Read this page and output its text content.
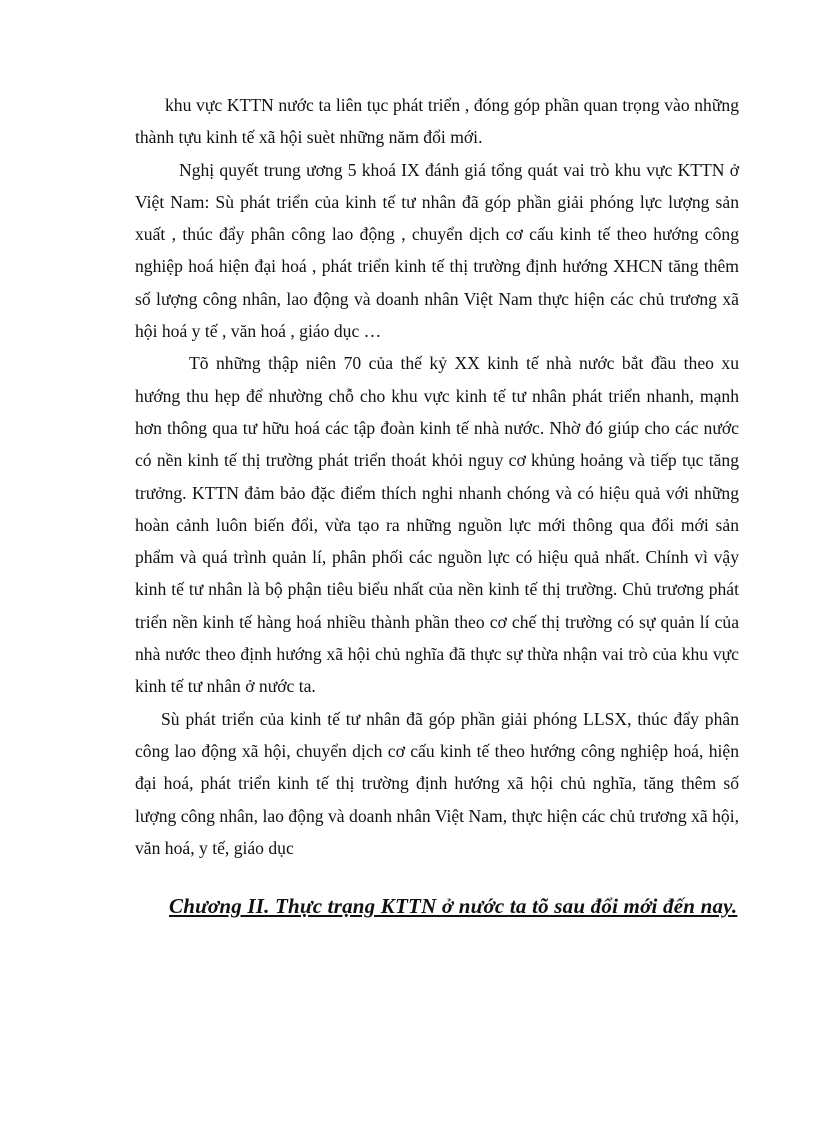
khu vực KTTN nước ta liên tục phát triển , đóng góp phần quan trọng vào những thành tựu kinh tế xã hội suèt những năm đổi mới.

Nghị quyết trung ương 5 khoá IX đánh giá tổng quát vai trò khu vực KTTN ở Việt Nam: Sù phát triển của kinh tế tư nhân đã góp phần giải phóng lực lượng sản xuất , thúc đẩy phân công lao động , chuyển dịch cơ cấu kinh tế theo hướng công nghiệp hoá hiện đại hoá , phát triển kinh tế thị trường định hướng XHCN tăng thêm số lượng công nhân, lao động và doanh nhân Việt Nam thực hiện các chủ trương xã hội hoá y tế , văn hoá , giáo dục …

Tõ những thập niên 70 của thế kỷ XX kinh tế nhà nước bắt đầu theo xu hướng thu hẹp để nhường chỗ cho khu vực kinh tế tư nhân phát triển nhanh, mạnh hơn thông qua tư hữu hoá các tập đoàn kinh tế nhà nước. Nhờ đó giúp cho các nước có nền kinh tế thị trường phát triển thoát khỏi nguy cơ khủng hoảng và tiếp tục tăng trưởng. KTTN đảm bảo đặc điểm thích nghi nhanh chóng và có hiệu quả với những hoàn cảnh luôn biến đổi, vừa tạo ra những nguồn lực mới thông qua đổi mới sản phẩm và quá trình quản lí, phân phối các nguồn lực có hiệu quả nhất. Chính vì vậy kinh tế tư nhân là bộ phận tiêu biểu nhất của nền kinh tế thị trường. Chủ trương phát triển nền kinh tế hàng hoá nhiều thành phần theo cơ chế thị trường có sự quản lí của nhà nước theo định hướng xã hội chủ nghĩa đã thực sự thừa nhận vai trò của khu vực kinh tế tư nhân ở nước ta.

Sù phát triển của kinh tế tư nhân đã góp phần giải phóng LLSX, thúc đẩy phân công lao động xã hội, chuyển dịch cơ cấu kinh tế theo hướng công nghiệp hoá, hiện đại hoá, phát triển kinh tế thị trường định hướng xã hội chủ nghĩa, tăng thêm số lượng công nhân, lao động và doanh nhân Việt Nam, thực hiện các chủ trương xã hội, văn hoá, y tế, giáo dục

Chương II. Thực trạng KTTN ở nước ta tõ sau đổi mới đến nay.
